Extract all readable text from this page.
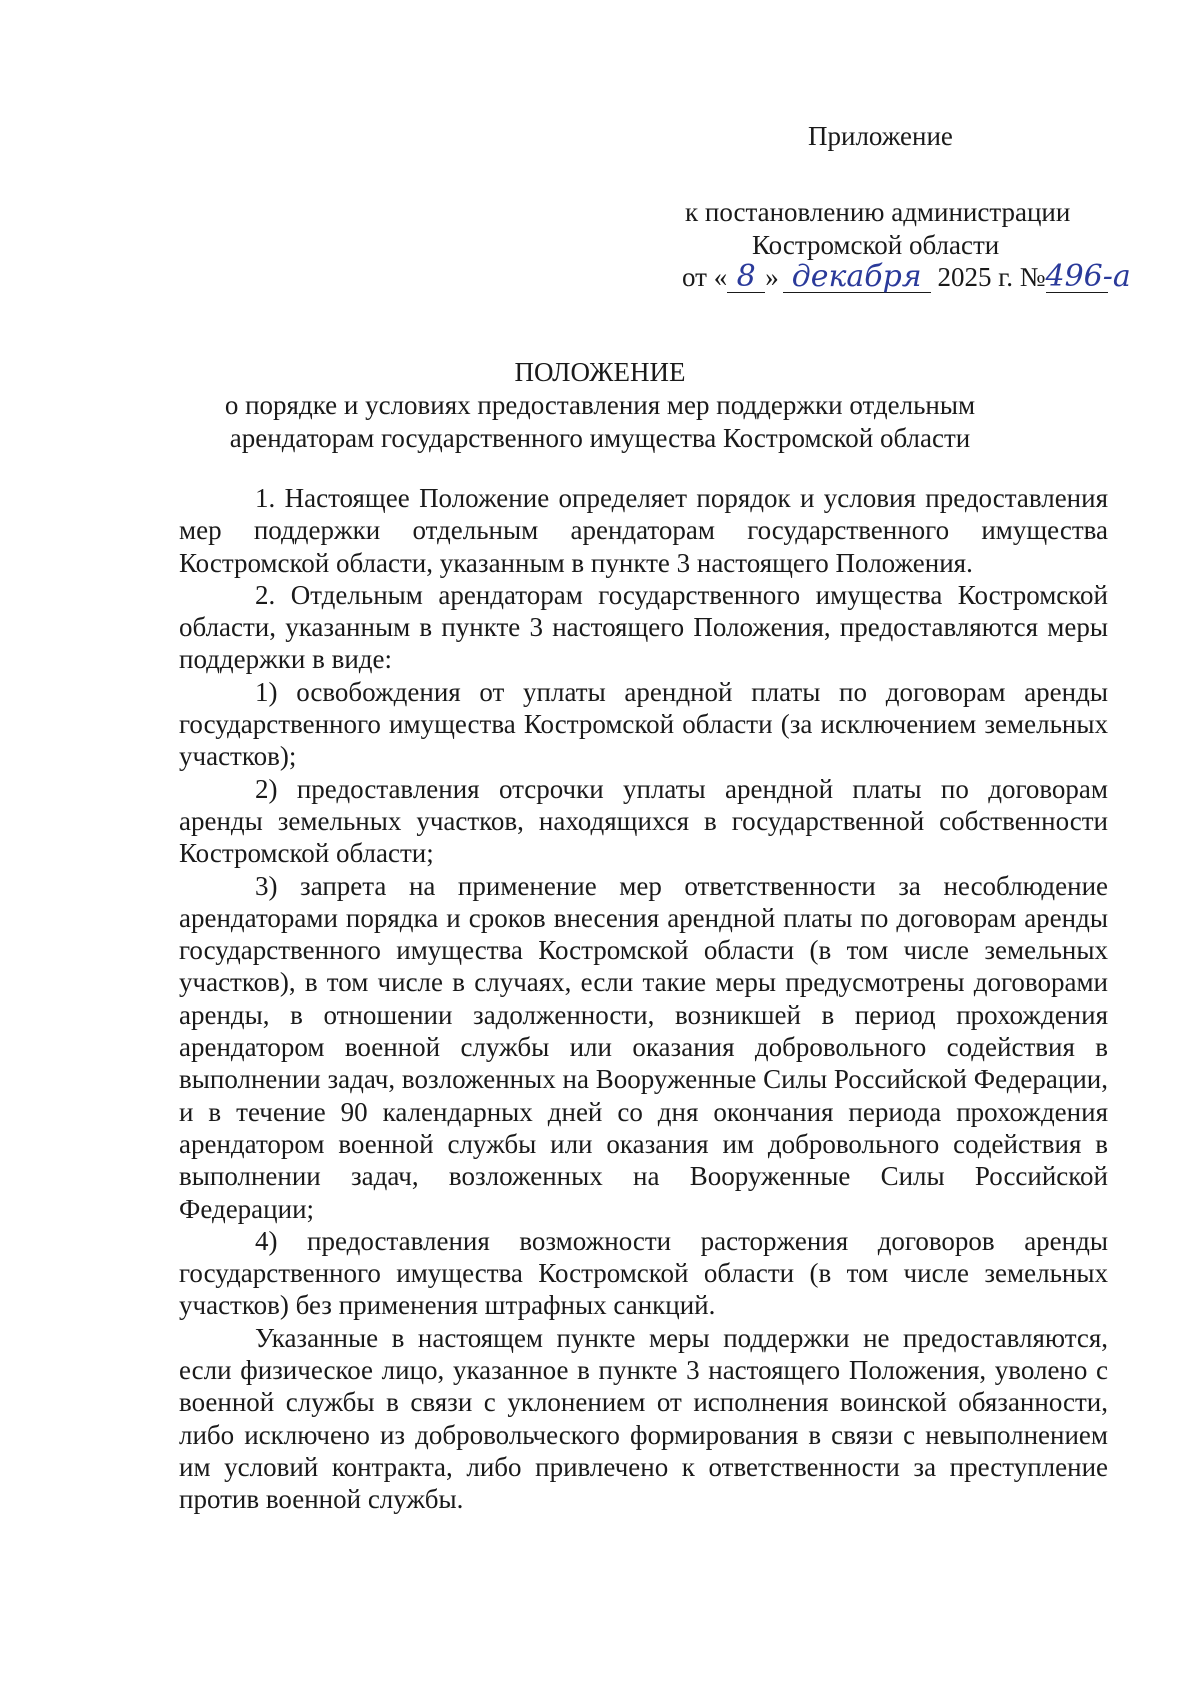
Приложение
к постановлению администрации
Костромской области
от « 8 » декабря 2025 г. №496-а
ПОЛОЖЕНИЕ
о порядке и условиях предоставления мер поддержки отдельным
арендаторам государственного имущества Костромской области

1. Настоящее Положение определяет порядок и условия предоставления мер поддержки отдельным арендаторам государственного имущества Костромской области, указанным в пункте 3 настоящего Положения.

2. Отдельным арендаторам государственного имущества Костромской области, указанным в пункте 3 настоящего Положения, предоставляются меры поддержки в виде:

1) освобождения от уплаты арендной платы по договорам аренды государственного имущества Костромской области (за исключением земельных участков);

2) предоставления отсрочки уплаты арендной платы по договорам аренды земельных участков, находящихся в государственной собственности Костромской области;

3) запрета на применение мер ответственности за несоблюдение арендаторами порядка и сроков внесения арендной платы по договорам аренды государственного имущества Костромской области (в том числе земельных участков), в том числе в случаях, если такие меры предусмотрены договорами аренды, в отношении задолженности, возникшей в период прохождения арендатором военной службы или оказания добровольного содействия в выполнении задач, возложенных на Вооруженные Силы Российской Федерации, и в течение 90 календарных дней со дня окончания периода прохождения арендатором военной службы или оказания им добровольного содействия в выполнении задач, возложенных на Вооруженные Силы Российской Федерации;

4) предоставления возможности расторжения договоров аренды государственного имущества Костромской области (в том числе земельных участков) без применения штрафных санкций.

Указанные в настоящем пункте меры поддержки не предоставляются, если физическое лицо, указанное в пункте 3 настоящего Положения, уволено с военной службы в связи с уклонением от исполнения воинской обязанности, либо исключено из добровольческого формирования в связи с невыполнением им условий контракта, либо привлечено к ответственности за преступление против военной службы.
